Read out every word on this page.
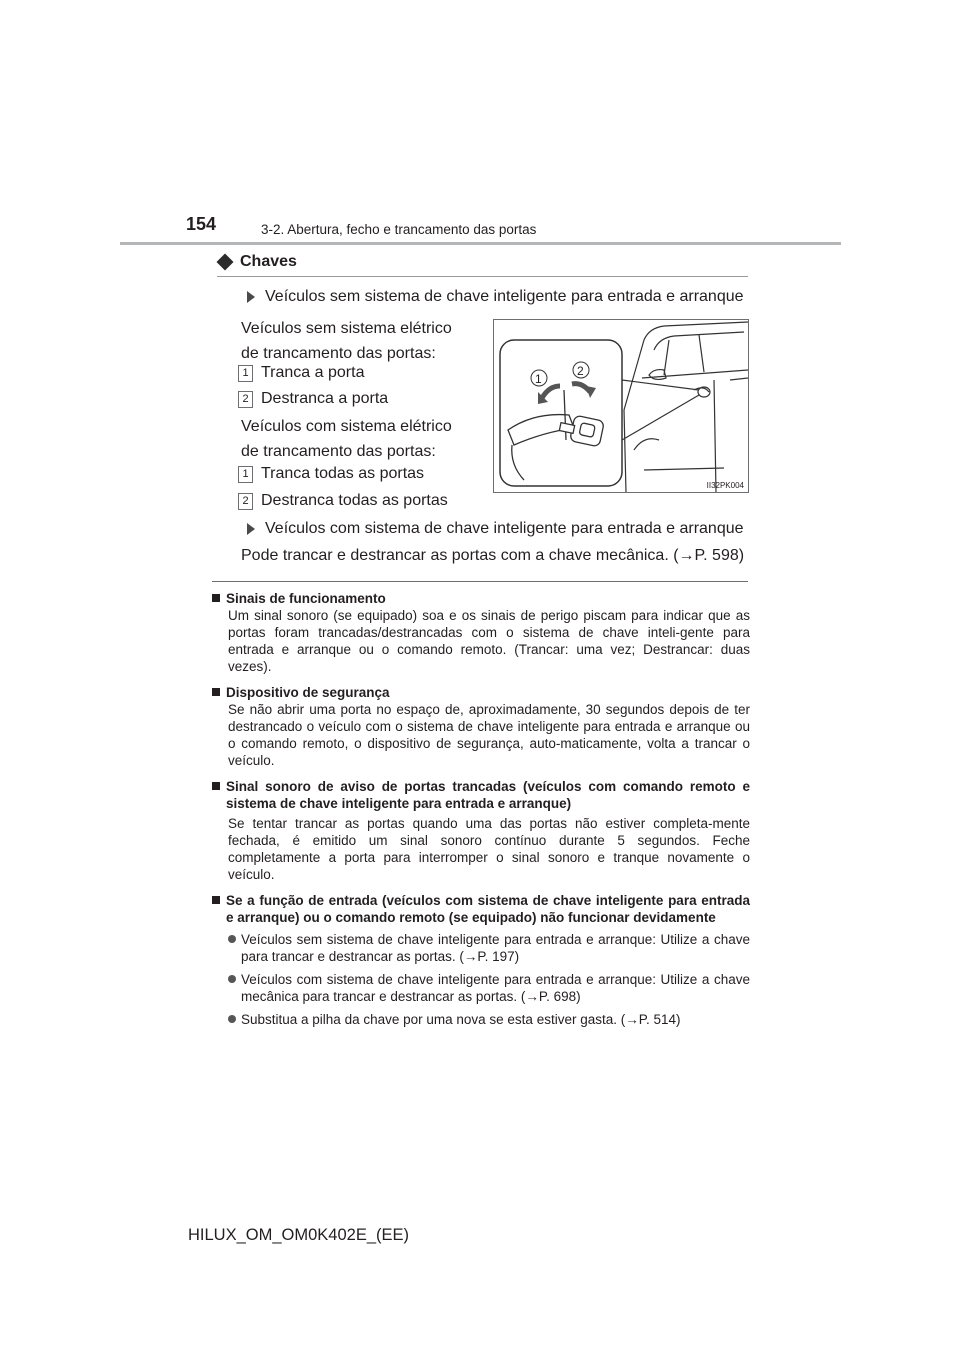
154	3-2. Abertura, fecho e trancamento das portas
Chaves
Veículos sem sistema de chave inteligente para entrada e arranque
Veículos sem sistema elétrico
de trancamento das portas:
1 Tranca a porta
2 Destranca a porta
Veículos com sistema elétrico
de trancamento das portas:
1 Tranca todas as portas
2 Destranca todas as portas
1
2
II32PK004
Veículos com sistema de chave inteligente para entrada e arranque
Pode trancar e destrancar as portas com a chave mecânica. (→P. 598)
Sinais de funcionamento
Um sinal sonoro (se equipado) soa e os sinais de perigo piscam para indicar que as portas foram trancadas/destrancadas com o sistema de chave inteli-gente para entrada e arranque ou o comando remoto. (Trancar: uma vez; Destrancar: duas vezes).
Dispositivo de segurança
Se não abrir uma porta no espaço de, aproximadamente, 30 segundos depois de ter destrancado o veículo com o sistema de chave inteligente para entrada e arranque ou o comando remoto, o dispositivo de segurança, auto-maticamente, volta a trancar o veículo.
Sinal sonoro de aviso de portas trancadas (veículos com comando remoto e sistema de chave inteligente para entrada e arranque)
Se tentar trancar as portas quando uma das portas não estiver completa-mente fechada, é emitido um sinal sonoro contínuo durante 5 segundos. Feche completamente a porta para interromper o sinal sonoro e tranque novamente o veículo.
Se a função de entrada (veículos com sistema de chave inteligente para entrada e arranque) ou o comando remoto (se equipado) não funcionar devidamente
Veículos sem sistema de chave inteligente para entrada e arranque: Utilize a chave para trancar e destrancar as portas. (→P. 197)
Veículos com sistema de chave inteligente para entrada e arranque: Utilize a chave mecânica para trancar e destrancar as portas. (→P. 698)
Substitua a pilha da chave por uma nova se esta estiver gasta. (→P. 514)
HILUX_OM_OM0K402E_(EE)
